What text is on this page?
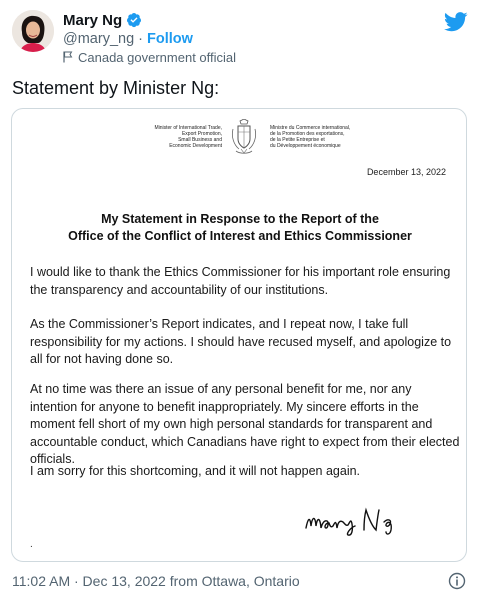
Mary Ng
@mary_ng · Follow
Canada government official
Statement by Minister Ng:
Minister of International Trade,
Export Promotion,
Small Business and
Economic Development
Ministre du Commerce international,
de la Promotion des exportations,
de la Petite Entreprise et
du Développement économique
December 13, 2022
My Statement in Response to the Report of the
Office of the Conflict of Interest and Ethics Commissioner
I would like to thank the Ethics Commissioner for his important role ensuring the transparency and accountability of our institutions.
As the Commissioner’s Report indicates, and I repeat now, I take full responsibility for my actions. I should have recused myself, and apologize to all for not having done so.
At no time was there an issue of any personal benefit for me, nor any intention for anyone to benefit inappropriately. My sincere efforts in the moment fell short of my own high personal standards for transparent and accountable conduct, which Canadians have right to expect from their elected officials.
I am sorry for this shortcoming, and it will not happen again.
.
11:02 AM · Dec 13, 2022 from Ottawa, Ontario
